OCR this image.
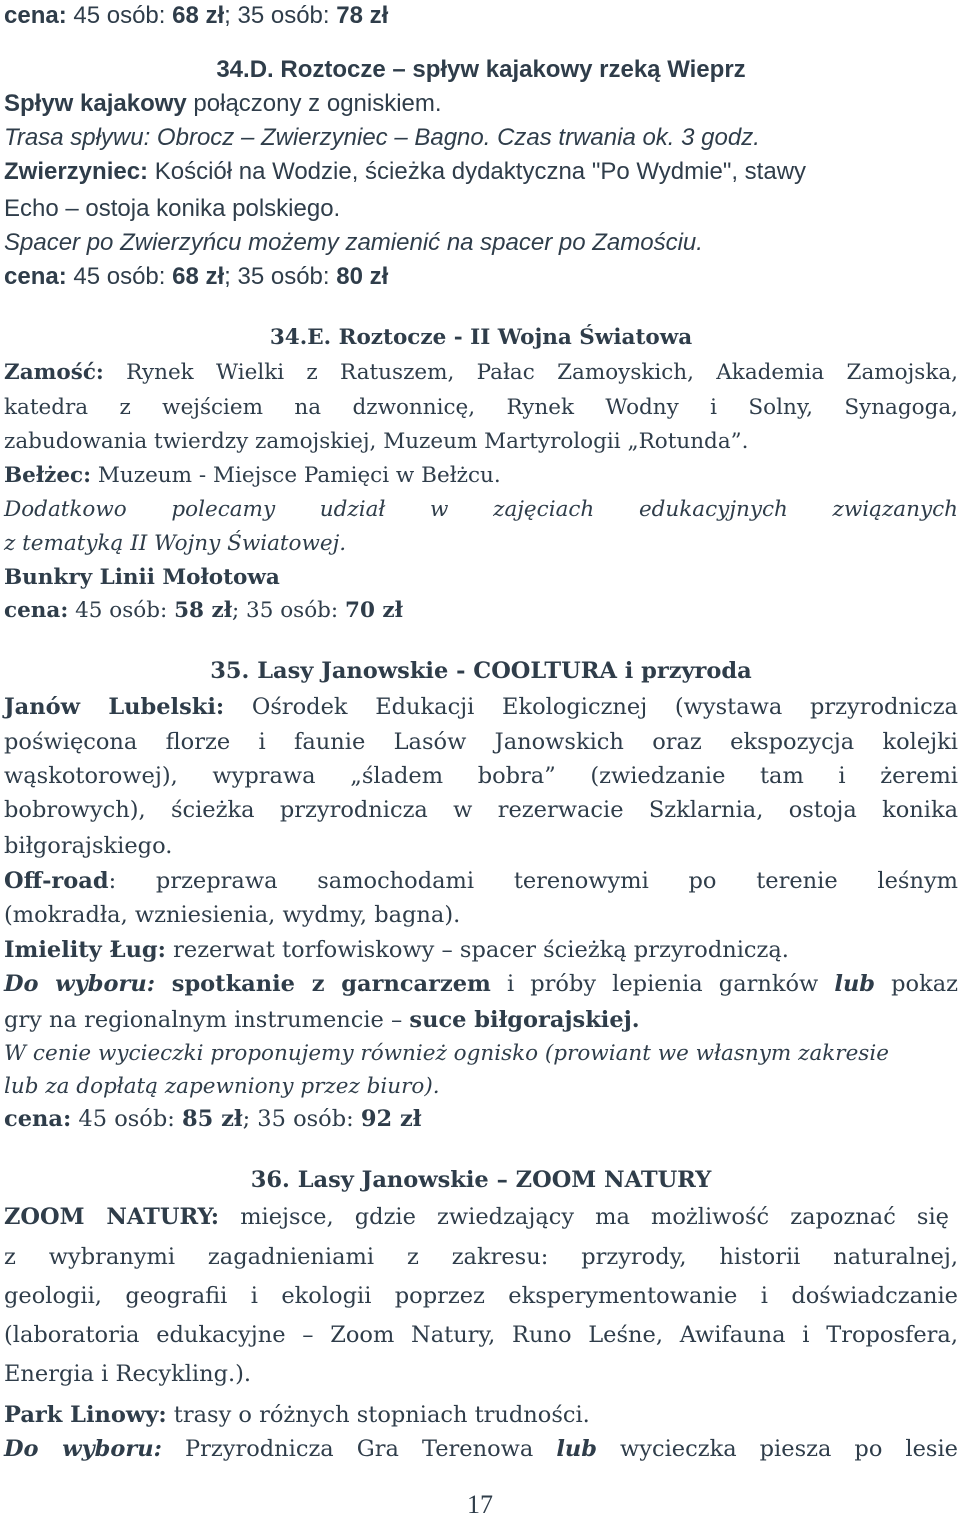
cena: 45 osób: 68 zł; 35 osób: 78 zł
34.D. Roztocze – spływ kajakowy rzeką Wieprz
Spływ kajakowy połączony z ogniskiem.
Trasa spływu: Obrocz – Zwierzyniec – Bagno. Czas trwania ok. 3 godz.
Zwierzyniec: Kościół na Wodzie, ścieżka dydaktyczna "Po Wydmie", stawy
Echo – ostoja konika polskiego.
Spacer po Zwierzyńcu możemy zamienić na spacer po Zamościu.
cena: 45 osób: 68 zł; 35 osób: 80 zł
34.E. Roztocze - II Wojna Światowa
Zamość: Rynek Wielki z Ratuszem, Pałac Zamoyskich, Akademia Zamojska,
katedra z wejściem na dzwonnicę, Rynek Wodny i Solny, Synagoga,
zabudowania twierdzy zamojskiej, Muzeum Martyrologii „Rotunda”.
Bełżec: Muzeum - Miejsce Pamięci w Bełżcu.
Dodatkowo polecamy udział w zajęciach edukacyjnych związanych
z tematyką II Wojny Światowej.
Bunkry Linii Mołotowa
cena: 45 osób: 58 zł; 35 osób: 70 zł
35. Lasy Janowskie - COOLTURA i przyroda
Janów Lubelski: Ośrodek Edukacji Ekologicznej (wystawa przyrodnicza
poświęcona florze i faunie Lasów Janowskich oraz ekspozycja kolejki
wąskotorowej), wyprawa „śladem bobra” (zwiedzanie tam i żeremi
bobrowych), ścieżka przyrodnicza w rezerwacie Szklarnia, ostoja konika
biłgorajskiego.
Off-road: przeprawa samochodami terenowymi po terenie leśnym
(mokradła, wzniesienia, wydmy, bagna).
Imielity Ług: rezerwat torfowiskowy – spacer ścieżką przyrodniczą.
Do wyboru: spotkanie z garncarzem i próby lepienia garnków lub pokaz
gry na regionalnym instrumencie – suce biłgorajskiej.
W cenie wycieczki proponujemy również ognisko (prowiant we własnym zakresie
lub za dopłatą zapewniony przez biuro).
cena: 45 osób: 85 zł; 35 osób: 92 zł
36. Lasy Janowskie – ZOOM NATURY
ZOOM NATURY: miejsce, gdzie zwiedzający ma możliwość zapoznać się
z wybranymi zagadnieniami z zakresu: przyrody, historii naturalnej,
geologii, geografii i ekologii poprzez eksperymentowanie i doświadczanie
(laboratoria edukacyjne – Zoom Natury, Runo Leśne, Awifauna i Troposfera,
Energia i Recykling.).
Park Linowy: trasy o różnych stopniach trudności.
Do wyboru: Przyrodnicza Gra Terenowa lub wycieczka piesza po lesie
17
